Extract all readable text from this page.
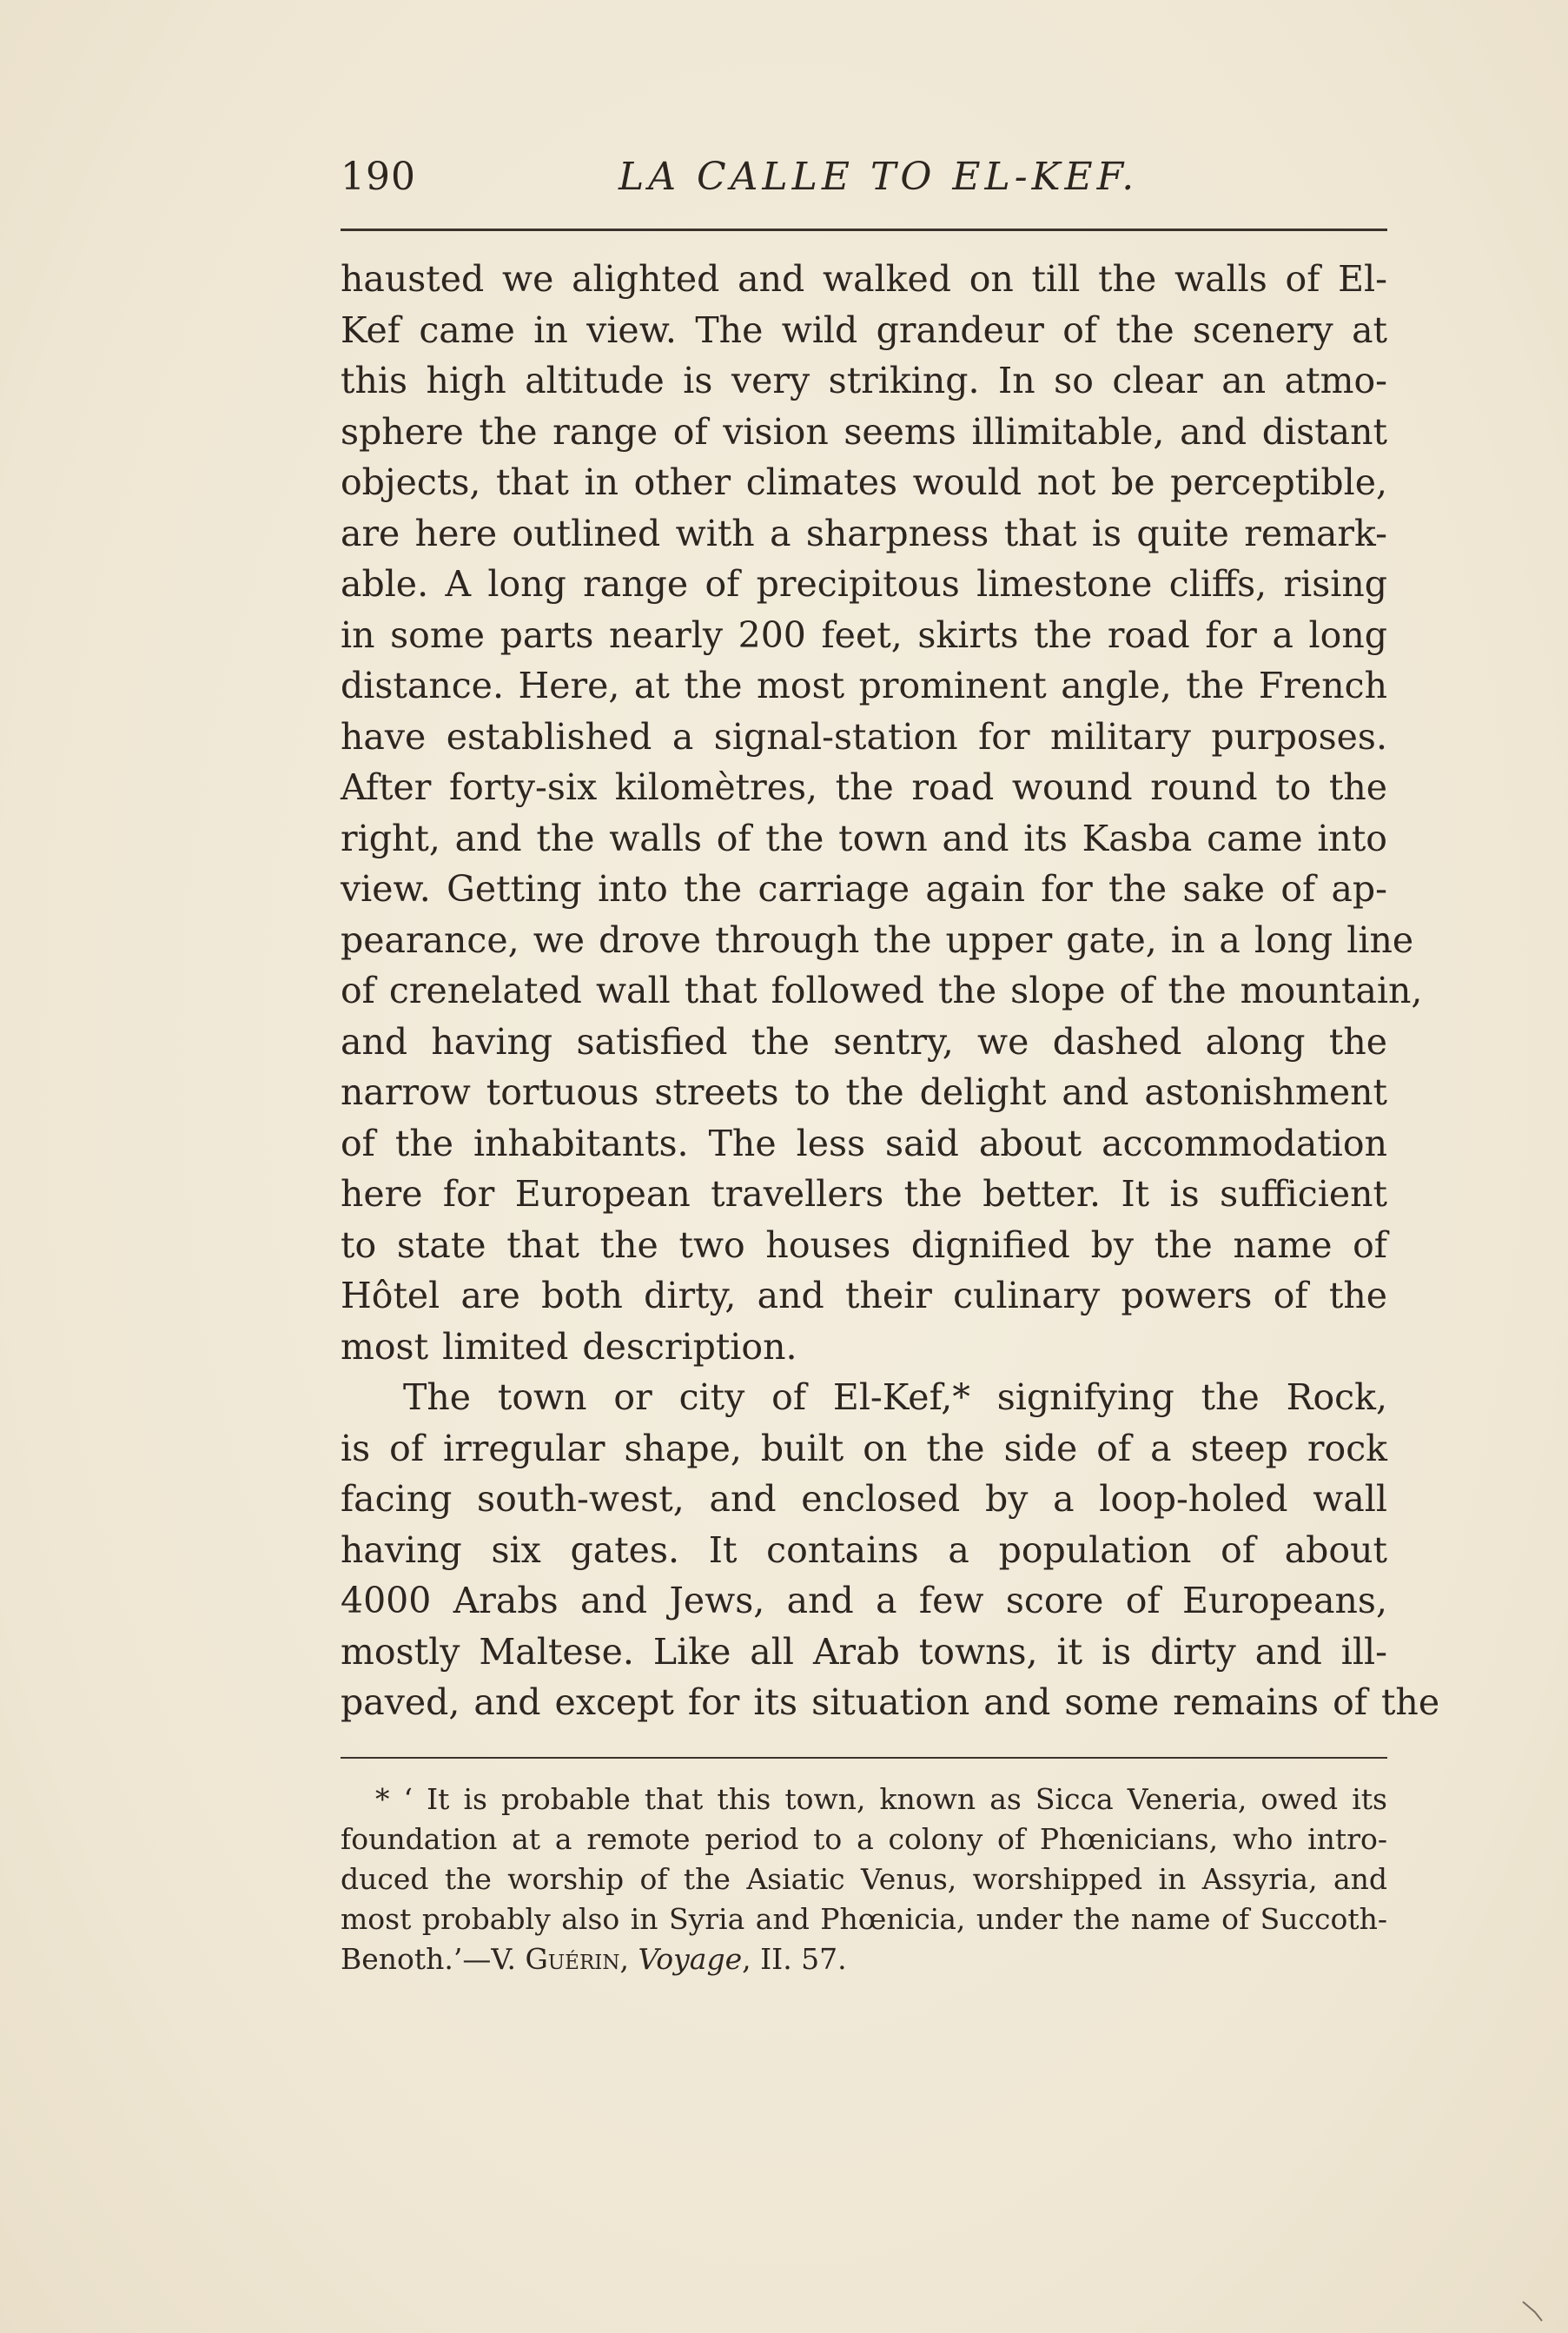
190	LA CALLE TO EL-KEF.
hausted we alighted and walked on till the walls of El-
Kef came in view. The wild grandeur of the scenery at
this high altitude is very striking. In so clear an atmo-
sphere the range of vision seems illimitable, and distant
objects, that in other climates would not be perceptible,
are here outlined with a sharpness that is quite remark-
able. A long range of precipitous limestone cliffs, rising
in some parts nearly 200 feet, skirts the road for a long
distance. Here, at the most prominent angle, the French
have established a signal-station for military purposes.
After forty-six kilomètres, the road wound round to the
right, and the walls of the town and its Kasba came into
view. Getting into the carriage again for the sake of ap-
pearance, we drove through the upper gate, in a long line
of crenelated wall that followed the slope of the mountain,
and having satisfied the sentry, we dashed along the
narrow tortuous streets to the delight and astonishment
of the inhabitants. The less said about accommodation
here for European travellers the better. It is sufficient
to state that the two houses dignified by the name of
Hôtel are both dirty, and their culinary powers of the
most limited description.
The town or city of El-Kef,* signifying the Rock,
is of irregular shape, built on the side of a steep rock
facing south-west, and enclosed by a loop-holed wall
having six gates. It contains a population of about
4000 Arabs and Jews, and a few score of Europeans,
mostly Maltese. Like all Arab towns, it is dirty and ill-
paved, and except for its situation and some remains of the
* ‘ It is probable that this town, known as Sicca Veneria, owed its
foundation at a remote period to a colony of Phœnicians, who intro-
duced the worship of the Asiatic Venus, worshipped in Assyria, and
most probably also in Syria and Phœnicia, under the name of Succoth-
Benoth.’—V. Guérin, Voyage, II. 57.
